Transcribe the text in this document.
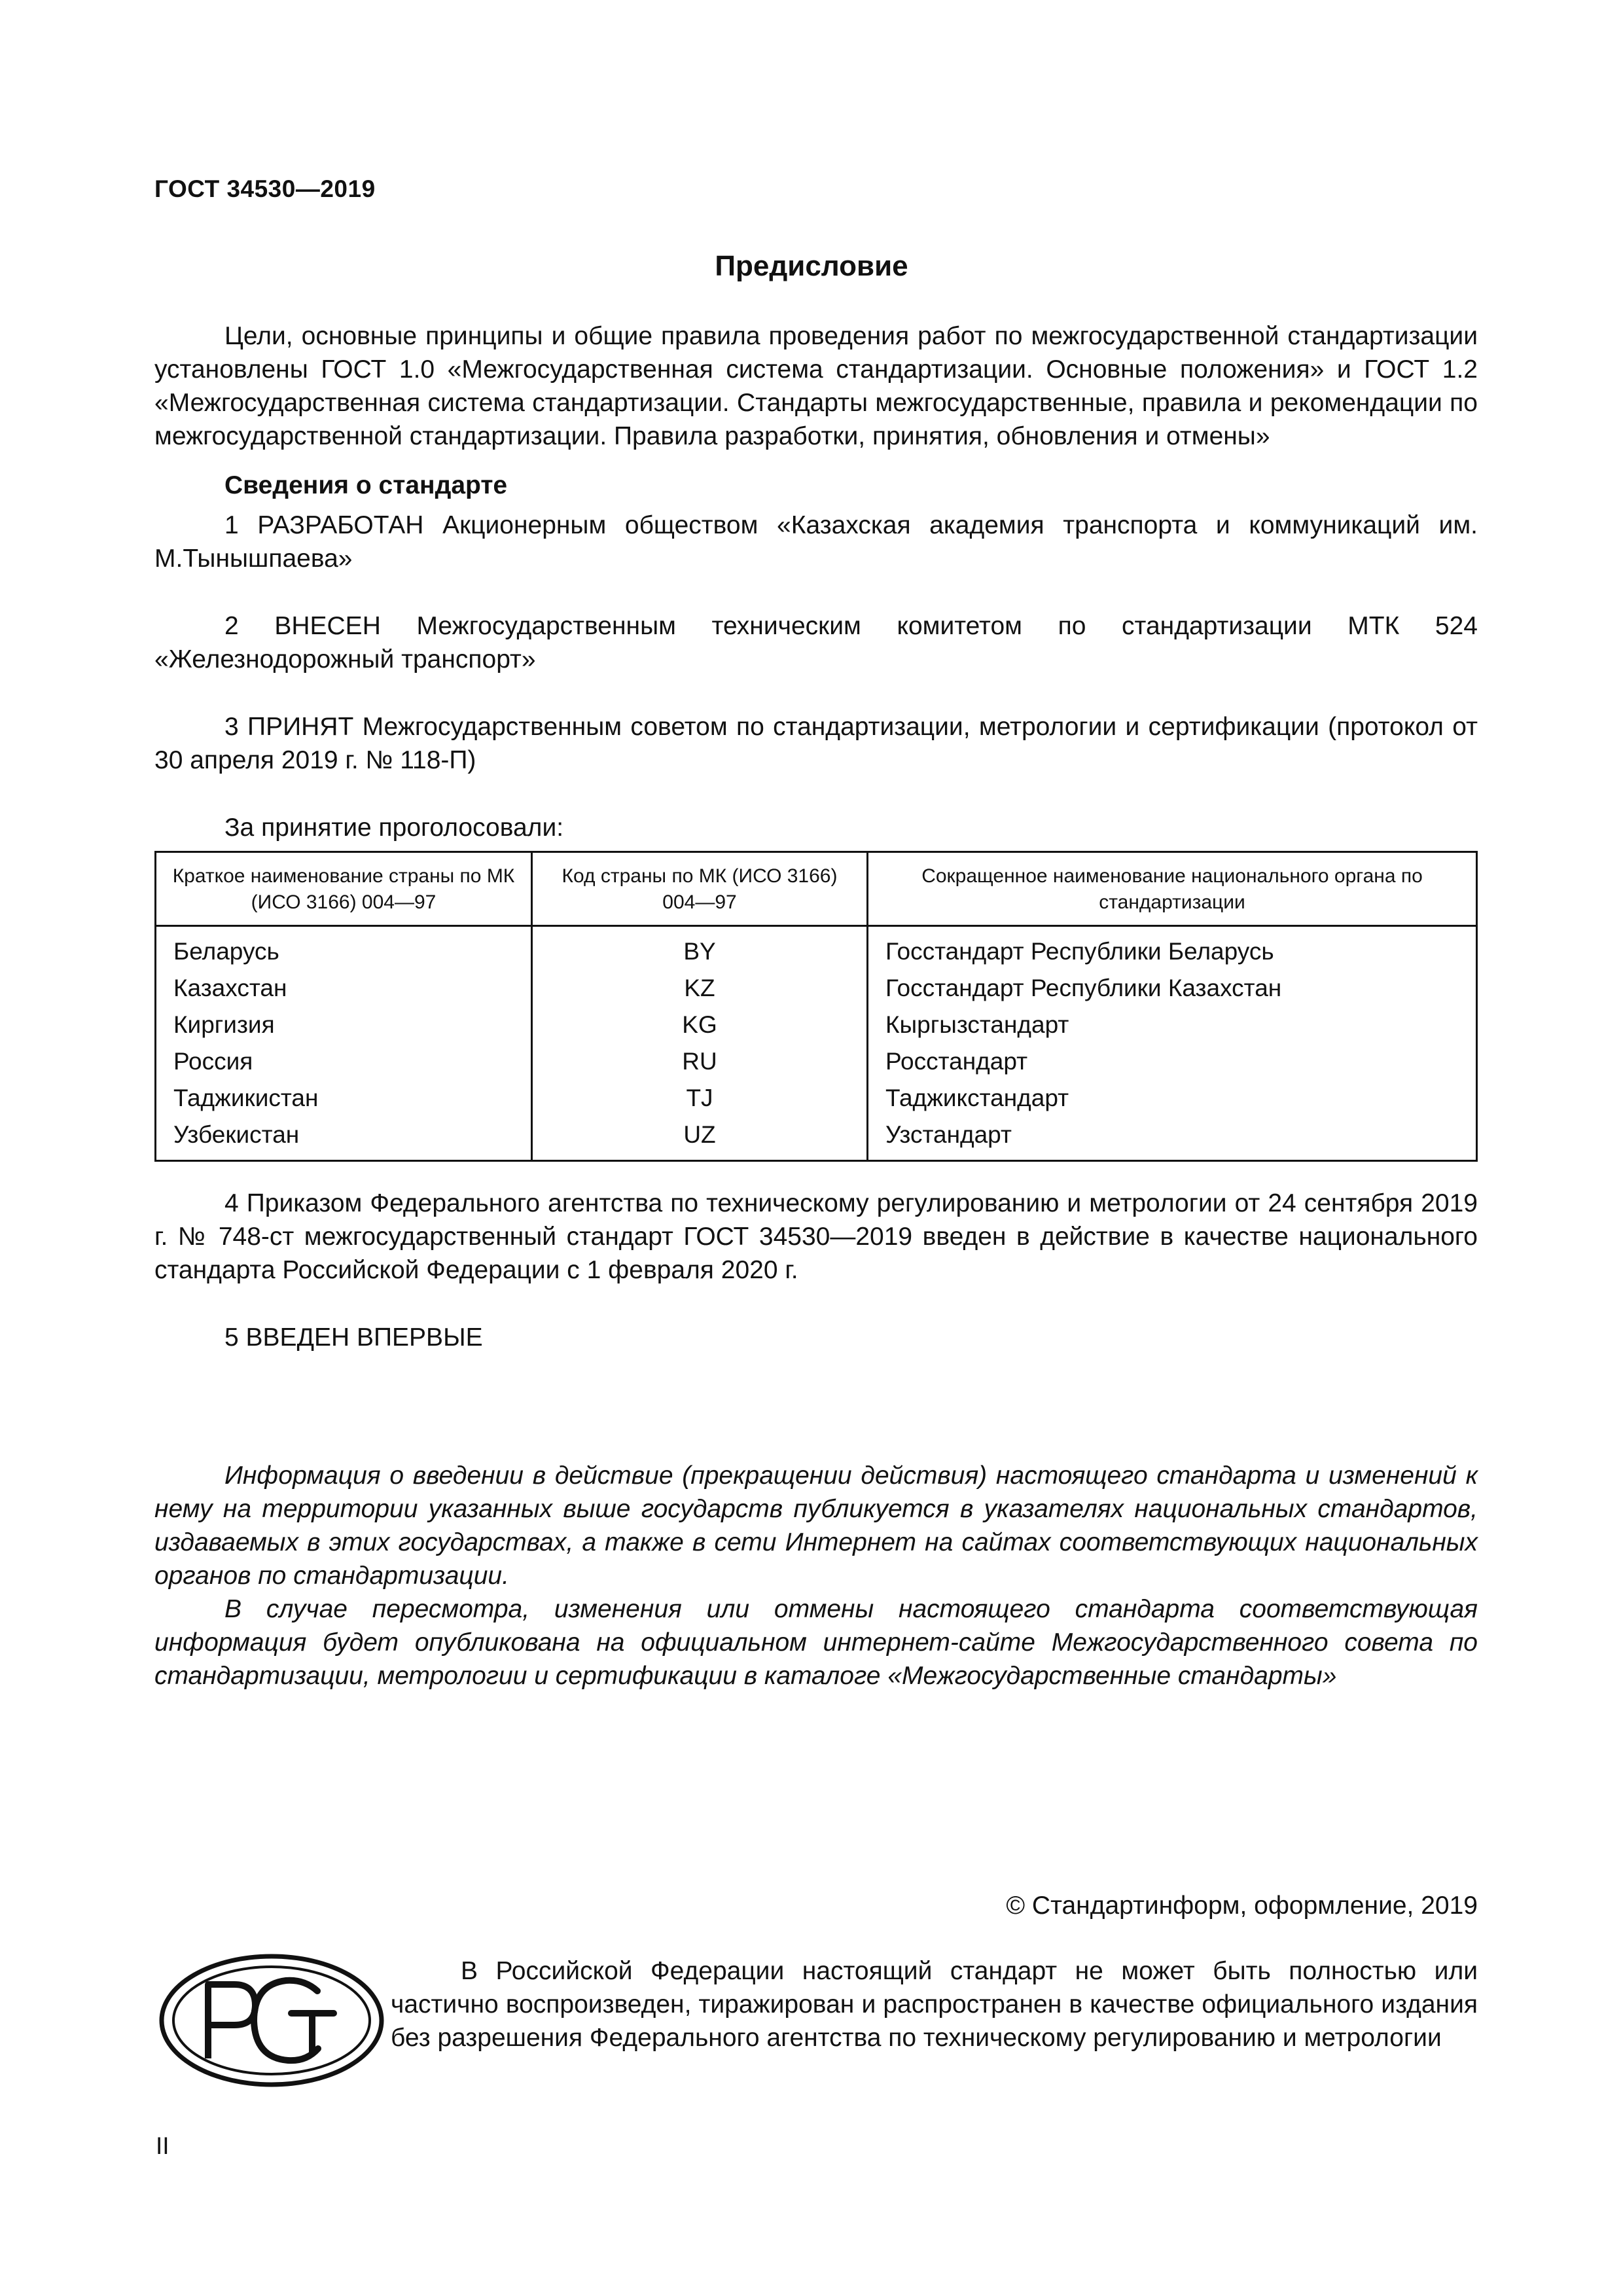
ГОСТ 34530—2019
Предисловие

Цели, основные принципы и общие правила проведения работ по межгосударственной стандартизации установлены ГОСТ 1.0 «Межгосударственная система стандартизации. Основные положения» и ГОСТ 1.2 «Межгосударственная система стандартизации. Стандарты межгосударственные, правила и рекомендации по межгосударственной стандартизации. Правила разработки, принятия, обновления и отмены»

Сведения о стандарте

1 РАЗРАБОТАН Акционерным обществом «Казахская академия транспорта и коммуникаций им. М.Тынышпаева»

2 ВНЕСЕН Межгосударственным техническим комитетом по стандартизации МТК 524 «Железнодорожный транспорт»

3 ПРИНЯТ Межгосударственным советом по стандартизации, метрологии и сертификации (протокол от 30 апреля 2019 г. № 118-П)

За принятие проголосовали:

Краткое наименование страны по МК (ИСО 3166) 004—97	Код страны по МК (ИСО 3166) 004—97	Сокращенное наименование национального органа по стандартизации
Беларусь	BY	Госстандарт Республики Беларусь
Казахстан	KZ	Госстандарт Республики Казахстан
Киргизия	KG	Кыргызстандарт
Россия	RU	Росстандарт
Таджикистан	TJ	Таджикстандарт
Узбекистан	UZ	Узстандарт

4 Приказом Федерального агентства по техническому регулированию и метрологии от 24 сентября 2019 г. № 748-ст межгосударственный стандарт ГОСТ 34530—2019 введен в действие в качестве национального стандарта Российской Федерации с 1 февраля 2020 г.

5 ВВЕДЕН ВПЕРВЫЕ

Информация о введении в действие (прекращении действия) настоящего стандарта и изменений к нему на территории указанных выше государств публикуется в указателях национальных стандартов, издаваемых в этих государствах, а также в сети Интернет на сайтах соответствующих национальных органов по стандартизации.

В случае пересмотра, изменения или отмены настоящего стандарта соответствующая информация будет опубликована на официальном интернет-сайте Межгосударственного совета по стандартизации, метрологии и сертификации в каталоге «Межгосударственные стандарты»

© Стандартинформ, оформление, 2019
В Российской Федерации настоящий стандарт не может быть полностью или частично воспроизведен, тиражирован и распространен в качестве официального издания без разрешения Федерального агентства по техническому регулированию и метрологии
II
